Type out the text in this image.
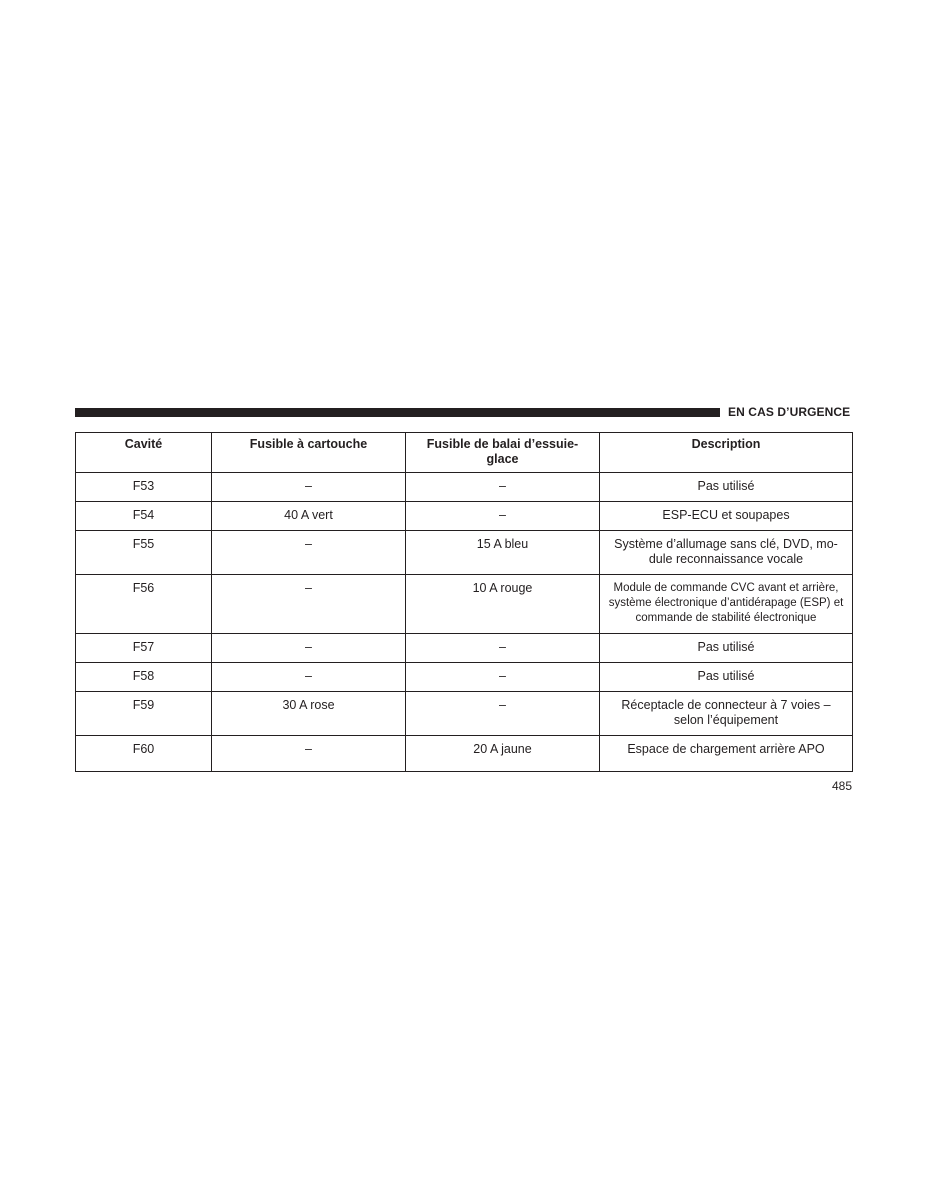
EN CAS D’URGENCE
Cavité	Fusible à cartouche	Fusible de balai d’essuie-glace	Description
F53	–	–	Pas utilisé
F54	40 A vert	–	ESP-ECU et soupapes
F55	–	15 A bleu	Système d’allumage sans clé, DVD, mo-dule reconnaissance vocale
F56	–	10 A rouge	Module de commande CVC avant et arrière, système électronique d’antidérapage (ESP) et commande de stabilité électronique
F57	–	–	Pas utilisé
F58	–	–	Pas utilisé
F59	30 A rose	–	Réceptacle de connecteur à 7 voies – selon l’équipement
F60	–	20 A jaune	Espace de chargement arrière APO
485
